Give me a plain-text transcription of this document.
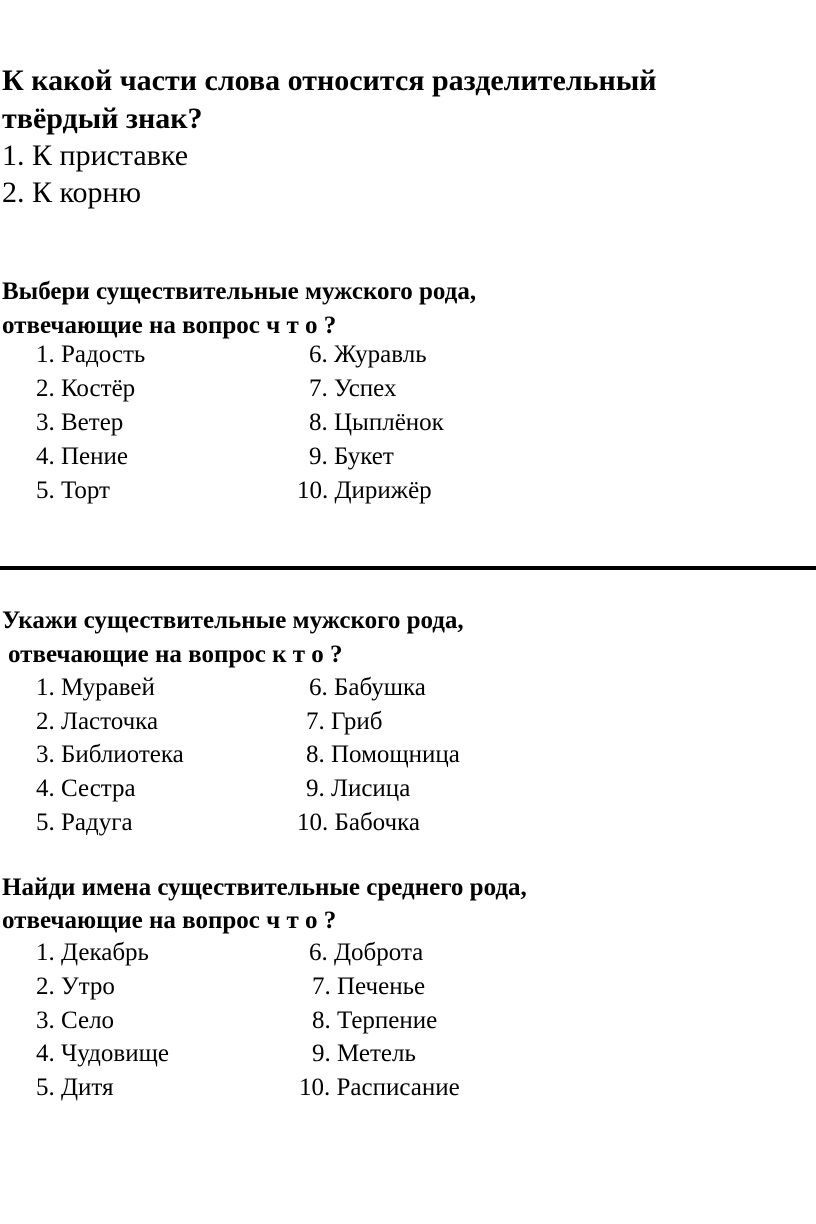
К какой части слова относится разделительный
твёрдый знак?
1. К приставке
2. К корню
Выбери существительные мужского рода,
отвечающие на вопрос ч т о ?
1. Радость
2. Костёр
3. Ветер
4. Пение
5. Торт
6. Журавль
7. Успех
8. Цыплёнок
9. Букет
10. Дирижёр
Укажи существительные мужского рода,
отвечающие на вопрос к т о ?
1. Муравей
2. Ласточка
3. Библиотека
4. Сестра
5. Радуга
6. Бабушка
7. Гриб
8. Помощница
9. Лисица
10. Бабочка
Найди имена существительные среднего рода,
отвечающие на вопрос ч т о ?
1. Декабрь
2. Утро
3. Село
4. Чудовище
5. Дитя
6. Доброта
7. Печенье
8. Терпение
9. Метель
10. Расписание
